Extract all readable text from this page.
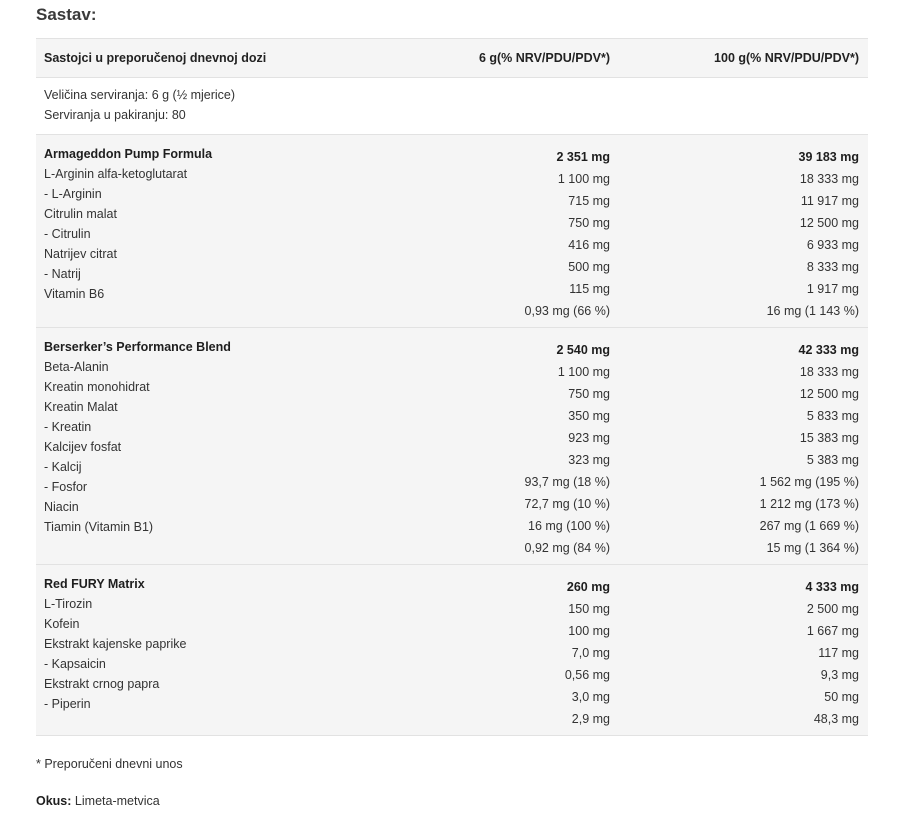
Sastav:
Sastojci u preporučenoj dnevnoj dozi	6 g(% NRV/PDU/PDV*)	100 g(% NRV/PDU/PDV*)
Veličina serviranja: 6 g (½ mjerice)
Serviranja u pakiranju: 80
Armageddon Pump Formula
L-Arginin alfa-ketoglutarat
- L-Arginin
Citrulin malat
- Citrulin
Natrijev citrat
- Natrij
Vitamin B6
2 351 mg
1 100 mg
715 mg
750 mg
416 mg
500 mg
115 mg
0,93 mg (66 %)
39 183 mg
18 333 mg
11 917 mg
12 500 mg
6 933 mg
8 333 mg
1 917 mg
16 mg (1 143 %)
Berserker’s Performance Blend
Beta-Alanin
Kreatin monohidrat
Kreatin Malat
- Kreatin
Kalcijev fosfat
- Kalcij
- Fosfor
Niacin
Tiamin (Vitamin B1)
2 540 mg
1 100 mg
750 mg
350 mg
923 mg
323 mg
93,7 mg (18 %)
72,7 mg (10 %)
16 mg (100 %)
0,92 mg (84 %)
42 333 mg
18 333 mg
12 500 mg
5 833 mg
15 383 mg
5 383 mg
1 562 mg (195 %)
1 212 mg (173 %)
267 mg (1 669 %)
15 mg (1 364 %)
Red FURY Matrix
L-Tirozin
Kofein
Ekstrakt kajenske paprike
- Kapsaicin
Ekstrakt crnog papra
- Piperin
260 mg
150 mg
100 mg
7,0 mg
0,56 mg
3,0 mg
2,9 mg
4 333 mg
2 500 mg
1 667 mg
117 mg
9,3 mg
50 mg
48,3 mg
* Preporučeni dnevni unos
Okus: Limeta-metvica
